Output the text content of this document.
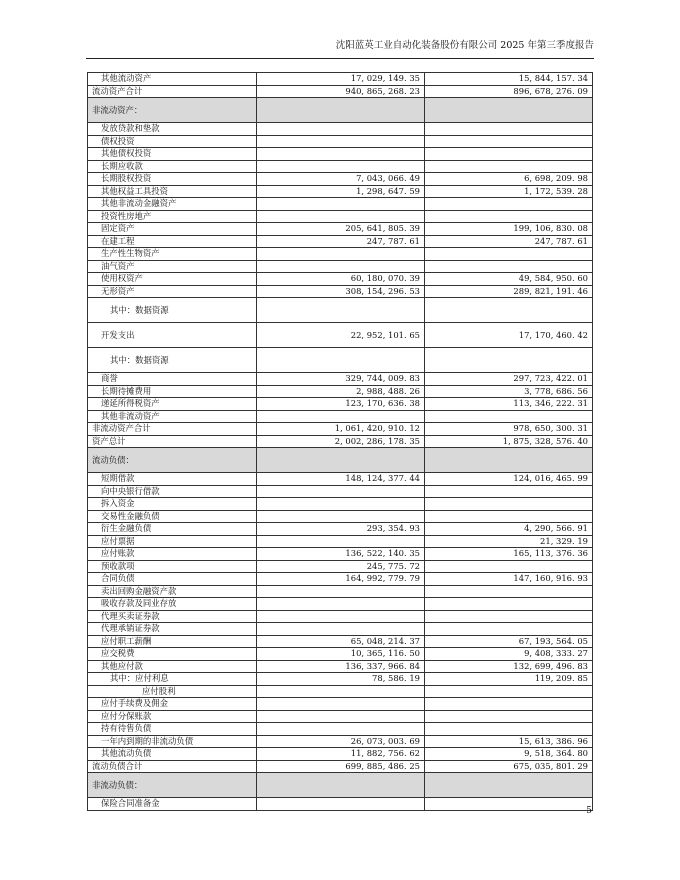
沈阳蓝英工业自动化装备股份有限公司 2025 年第三季度报告
其他流动资产	17, 029, 149. 35	15, 844, 157. 34
流动资产合计	940, 865, 268. 23	896, 678, 276. 09
非流动资产：		
发放贷款和垫款		
债权投资		
其他债权投资		
长期应收款		
长期股权投资	7, 043, 066. 49	6, 698, 209. 98
其他权益工具投资	1, 298, 647. 59	1, 172, 539. 28
其他非流动金融资产		
投资性房地产		
固定资产	205, 641, 805. 39	199, 106, 830. 08
在建工程	247, 787. 61	247, 787. 61
生产性生物资产		
油气资产		
使用权资产	60, 180, 070. 39	49, 584, 950. 60
无形资产	308, 154, 296. 53	289, 821, 191. 46
其中：数据资源		
开发支出	22, 952, 101. 65	17, 170, 460. 42
其中：数据资源		
商誉	329, 744, 009. 83	297, 723, 422. 01
长期待摊费用	2, 988, 488. 26	3, 778, 686. 56
递延所得税资产	123, 170, 636. 38	113, 346, 222. 31
其他非流动资产		
非流动资产合计	1, 061, 420, 910. 12	978, 650, 300. 31
资产总计	2, 002, 286, 178. 35	1, 875, 328, 576. 40
流动负债：		
短期借款	148, 124, 377. 44	124, 016, 465. 99
向中央银行借款		
拆入资金		
交易性金融负债		
衍生金融负债	293, 354. 93	4, 290, 566. 91
应付票据		21, 329. 19
应付账款	136, 522, 140. 35	165, 113, 376. 36
预收款项	245, 775. 72	
合同负债	164, 992, 779. 79	147, 160, 916. 93
卖出回购金融资产款		
吸收存款及同业存放		
代理买卖证券款		
代理承销证券款		
应付职工薪酬	65, 048, 214. 37	67, 193, 564. 05
应交税费	10, 365, 116. 50	9, 408, 333. 27
其他应付款	136, 337, 966. 84	132, 699, 496. 83
其中：应付利息	78, 586. 19	119, 209. 85
应付股利		
应付手续费及佣金		
应付分保账款		
持有待售负债		
一年内到期的非流动负债	26, 073, 003. 69	15, 613, 386. 96
其他流动负债	11, 882, 756. 62	9, 518, 364. 80
流动负债合计	699, 885, 486. 25	675, 035, 801. 29
非流动负债：		
保险合同准备金		
5
